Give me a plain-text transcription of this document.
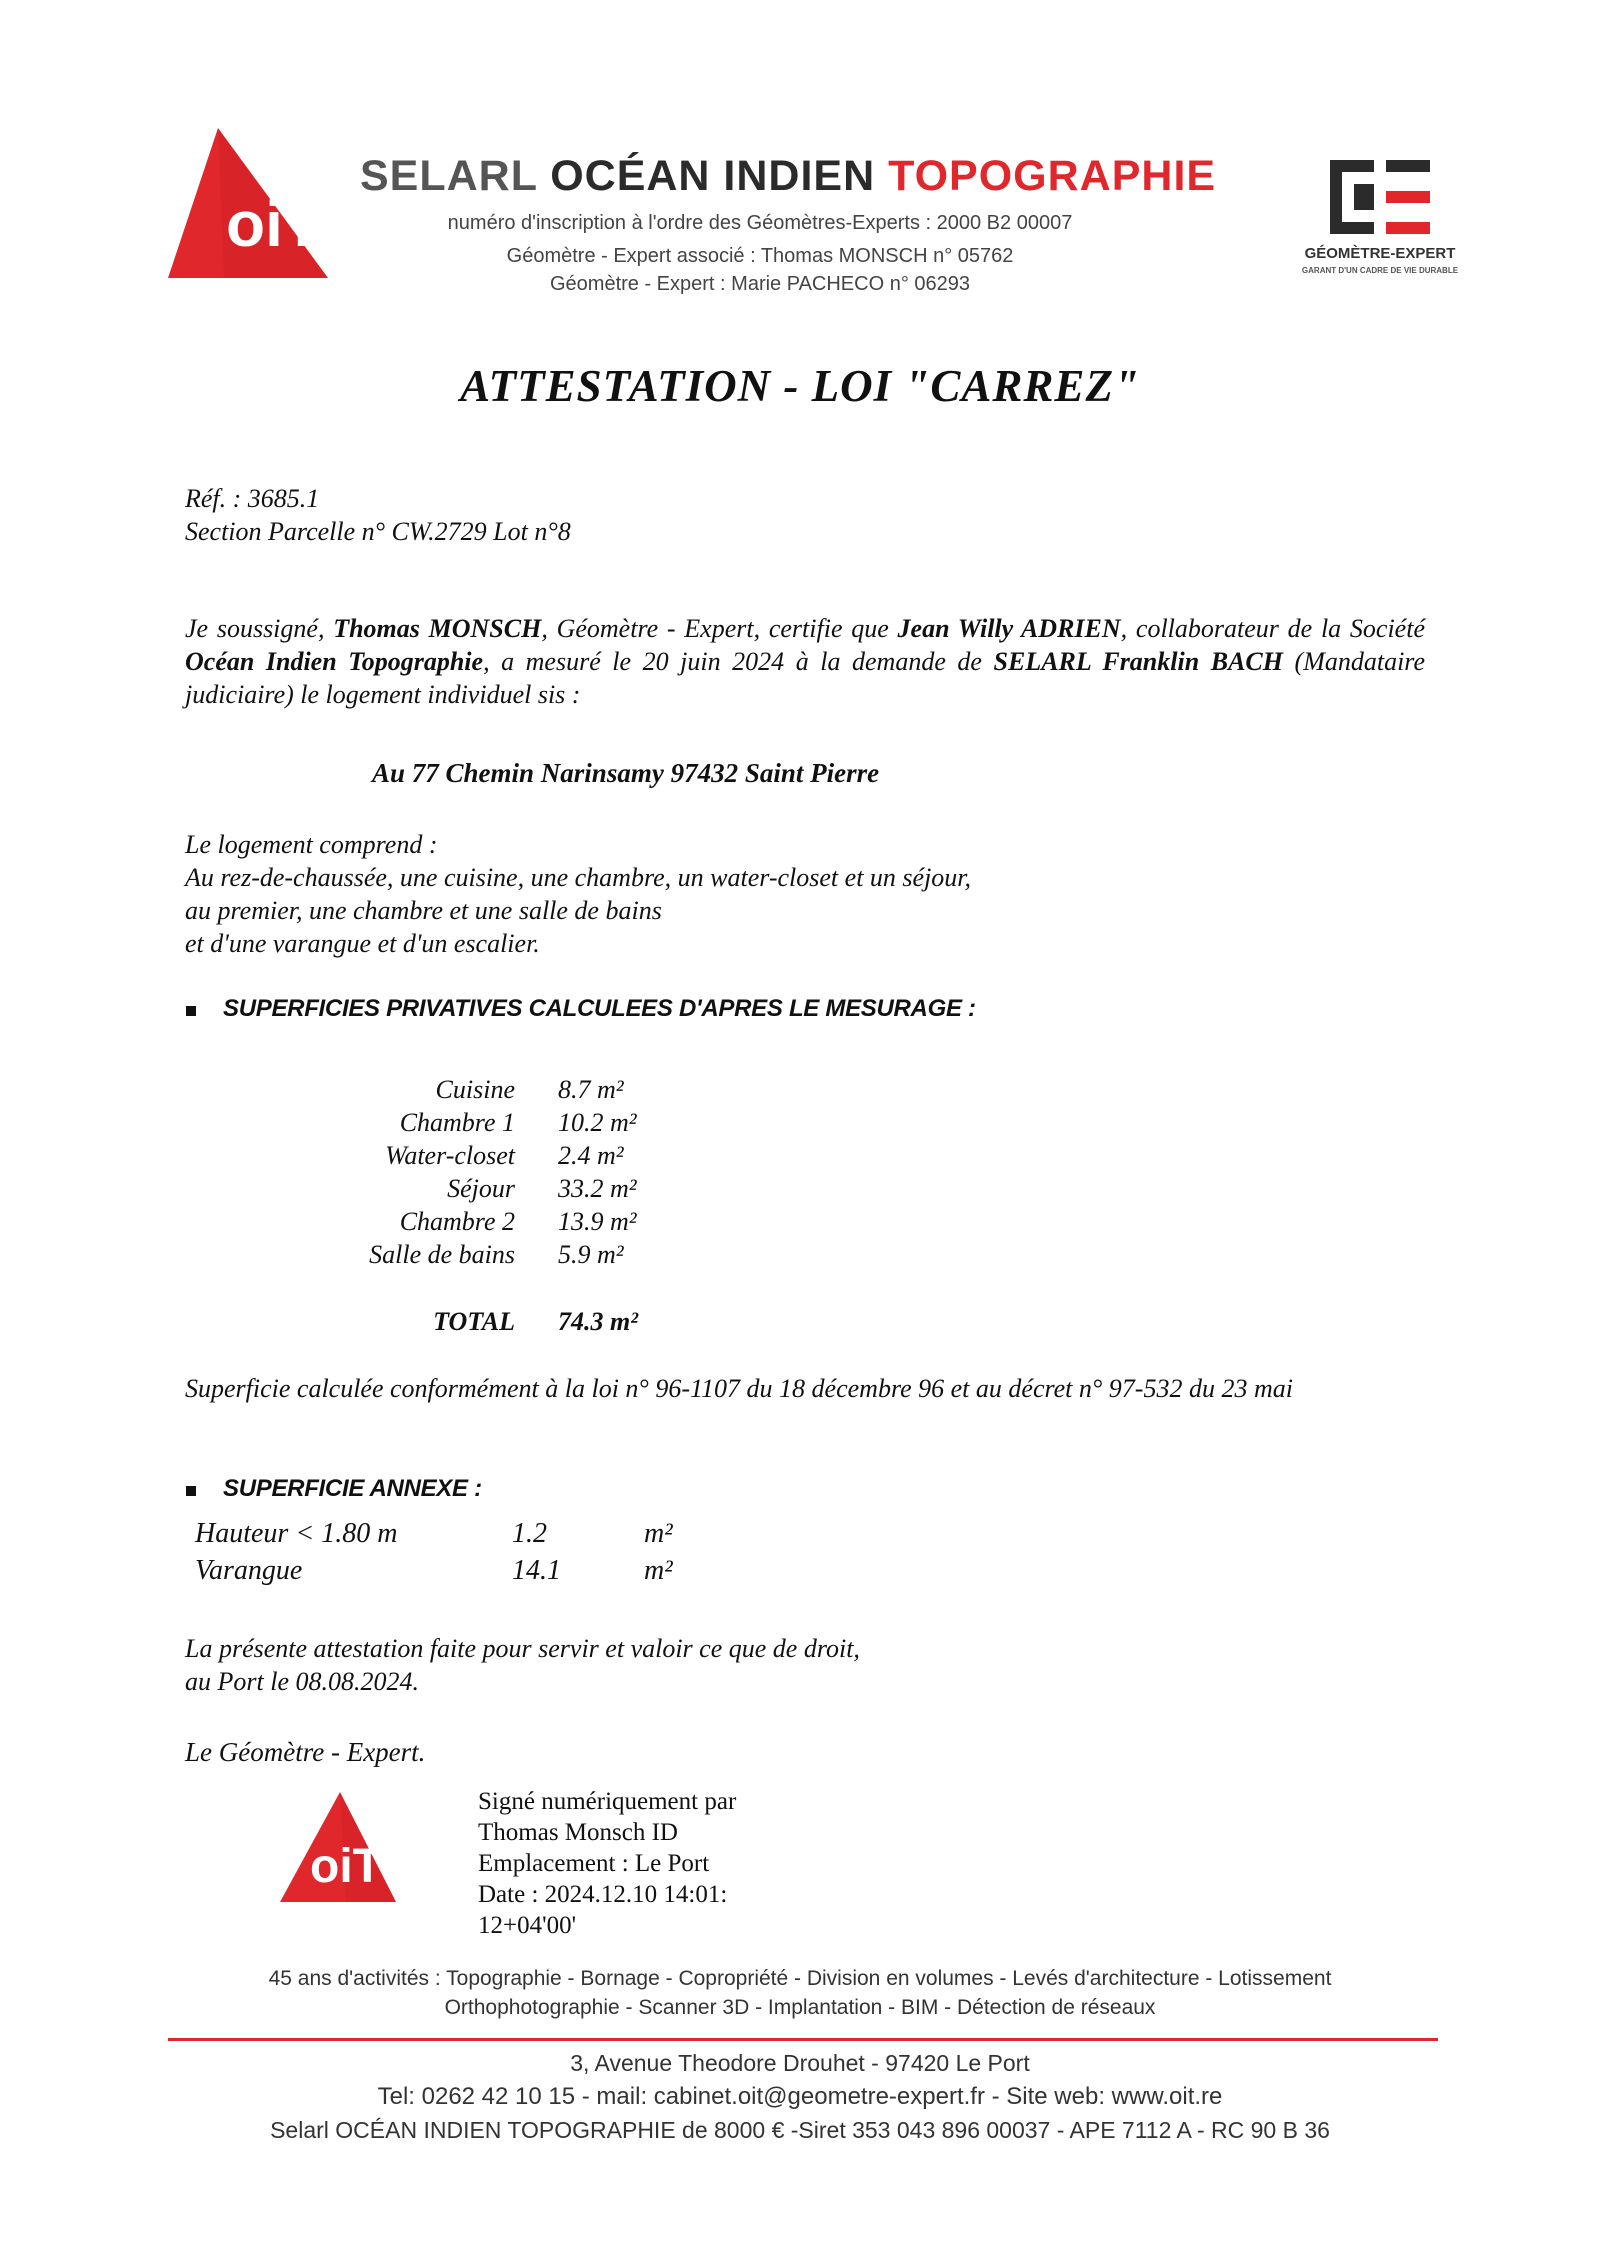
oiT
SELARL OCÉAN INDIEN TOPOGRAPHIE
numéro d'inscription à l'ordre des Géomètres-Experts : 2000 B2 00007
Géomètre - Expert associé : Thomas MONSCH n° 05762
Géomètre - Expert : Marie PACHECO n° 06293
GÉOMÈTRE-EXPERT
GARANT D'UN CADRE DE VIE DURABLE
ATTESTATION - LOI "CARREZ"
Réf. : 3685.1
Section Parcelle n° CW.2729 Lot n°8
Je soussigné, Thomas MONSCH, Géomètre - Expert, certifie que Jean Willy ADRIEN, collaborateur de la Société Océan Indien Topographie, a mesuré le 20 juin 2024 à la demande de SELARL Franklin BACH (Mandataire judiciaire) le logement individuel sis :
Au 77 Chemin Narinsamy 97432 Saint Pierre
Le logement comprend :
Au rez-de-chaussée, une cuisine, une chambre, un water-closet et un séjour,
au premier, une chambre et une salle de bains
et d'une varangue et d'un escalier.
SUPERFICIES PRIVATIVES CALCULEES D'APRES LE MESURAGE :
Cuisine 8.7 m²
Chambre 1 10.2 m²
Water-closet 2.4 m²
Séjour 33.2 m²
Chambre 2 13.9 m²
Salle de bains 5.9 m²
TOTAL 74.3 m²
Superficie calculée conformément à la loi n° 96-1107 du 18 décembre 96 et au décret n° 97-532 du 23 mai
SUPERFICIE ANNEXE :
Hauteur < 1.80 m	1.2	m²
Varangue	14.1	m²
La présente attestation faite pour servir et valoir ce que de droit,
au Port le 08.08.2024.
Le Géomètre - Expert.
oiT
Signé numériquement par
Thomas Monsch ID
Emplacement : Le Port
Date : 2024.12.10 14:01:
12+04'00'
45 ans d'activités : Topographie - Bornage - Copropriété - Division en volumes - Levés d'architecture - Lotissement
Orthophotographie - Scanner 3D - Implantation - BIM - Détection de réseaux
3, Avenue Theodore Drouhet - 97420 Le Port
Tel: 0262 42 10 15 - mail: cabinet.oit@geometre-expert.fr - Site web: www.oit.re
Selarl OCÉAN INDIEN TOPOGRAPHIE de 8000 € -Siret 353 043 896 00037 - APE 7112 A - RC 90 B 36
